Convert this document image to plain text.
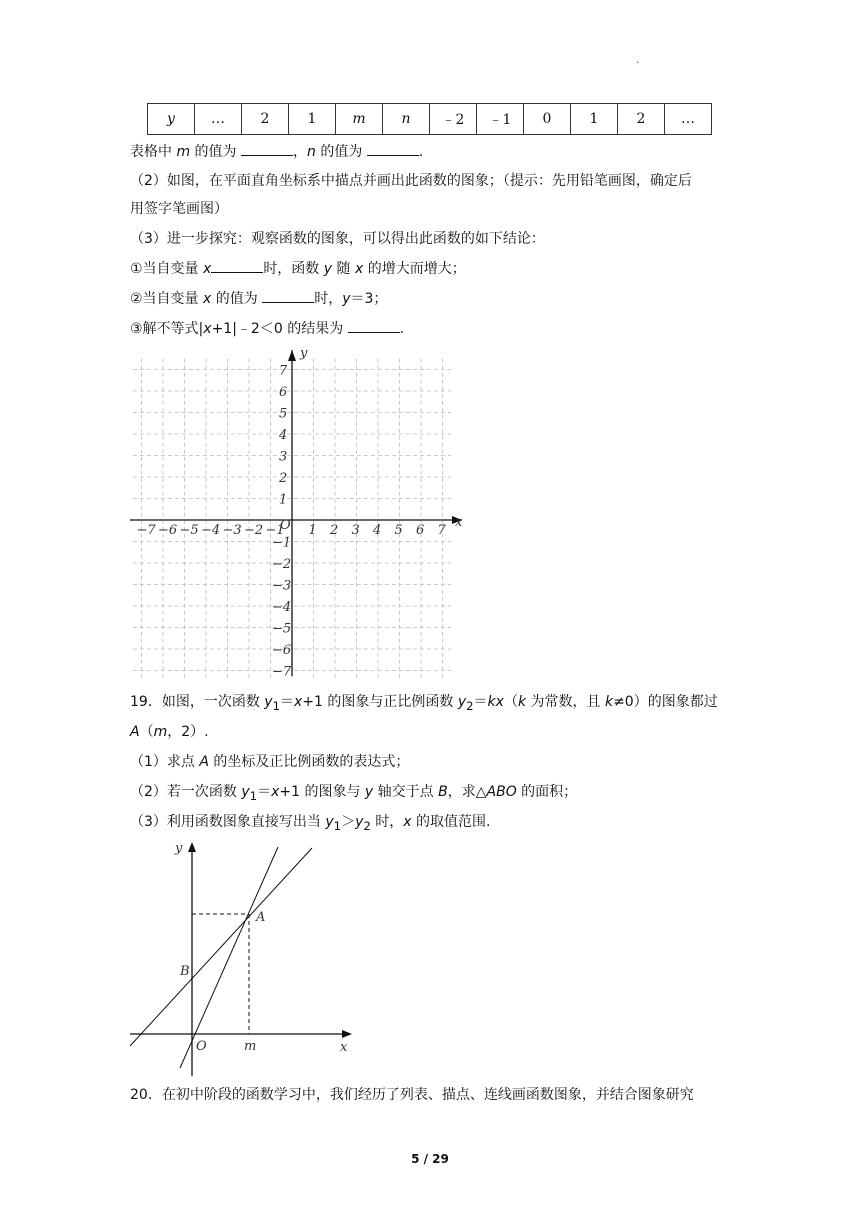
·
y	…	2	1	m	n	﹣2	﹣1	0	1	2	…
表格中 m 的值为	，n 的值为	.
（2）如图，在平面直角坐标系中描点并画出此函数的图象；（提示：先用铅笔画图，确定后
用签字笔画图）
（3）进一步探究：观察函数的图象，可以得出此函数的如下结论：
①当自变量 x	时，函数 y 随 x 的增大而增大；
②当自变量 x 的值为	时，y＝3；
③解不等式|x+1|﹣2＜0 的结果为	.
x
y
O
−7 −6 −5 −4 −3 −2 −1 1 2 3 4 5 6 7
7
6
5
4
3
2
1
−1
−2
−3
−4
−5
−6
−7
19．如图，一次函数 $y_1=x+1$ 的图象与正比例函数 $y_2=kx(k$ 为常数，且 k≠0）的图象都过
A（m，2）.
（1）求点 A 的坐标及正比例函数的表达式；
（2）若一次函数 $y_1=x+1$ 的图象与 y 轴交于点 B，求△ABO 的面积；
（3）利用函数图象直接写出当 $y_1>y_2$ 时，x 的取值范围.
y
x
O
A
B
m
20．在初中阶段的函数学习中，我们经历了列表、描点、连线画函数图象，并结合图象研究
5 / 29
